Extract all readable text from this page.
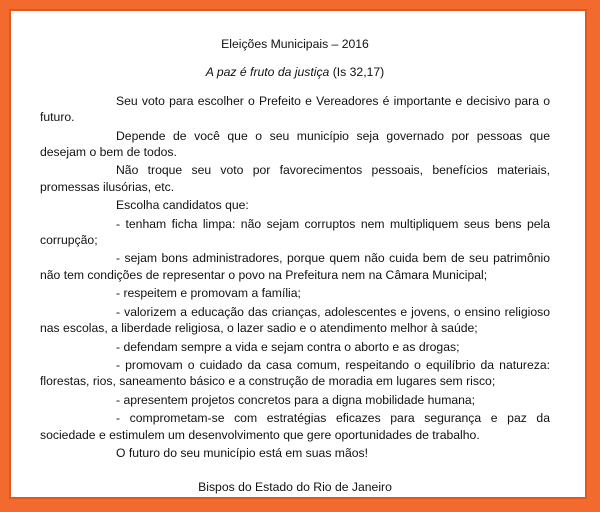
Eleições Municipais – 2016
A paz é fruto da justiça (Is 32,17)

Seu voto para escolher o Prefeito e Vereadores é importante e decisivo para o futuro.

Depende de você que o seu município seja governado por pessoas que desejam o bem de todos.

Não troque seu voto por favorecimentos pessoais, benefícios materiais, promessas ilusórias, etc.

Escolha candidatos que:

- tenham ficha limpa: não sejam corruptos nem multipliquem seus bens pela corrupção;

- sejam bons administradores, porque quem não cuida bem de seu patrimônio não tem condições de representar o povo na Prefeitura nem na Câmara Municipal;

- respeitem e promovam a família;

- valorizem a educação das crianças, adolescentes e jovens, o ensino religioso nas escolas, a liberdade religiosa, o lazer sadio e o atendimento melhor à saúde;

- defendam sempre a vida e sejam contra o aborto e as drogas;

- promovam o cuidado da casa comum, respeitando o equilíbrio da natureza: florestas, rios, saneamento básico e a construção de moradia em lugares sem risco;

- apresentem projetos concretos para a digna mobilidade humana;

- comprometam-se com estratégias eficazes para segurança e paz da sociedade e estimulem um desenvolvimento que gere oportunidades de trabalho.

O futuro do seu município está em suas mãos!

Bispos do Estado do Rio de Janeiro
